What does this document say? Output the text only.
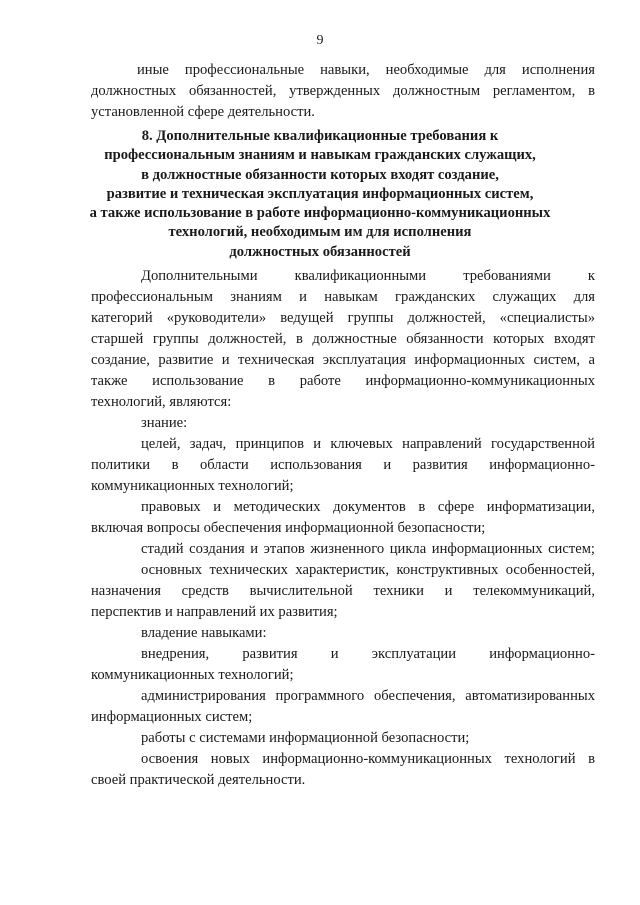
9
иные профессиональные навыки, необходимые для исполнения
должностных обязанностей, утвержденных должностным регламентом, в
установленной сфере деятельности.
8. Дополнительные квалификационные требования к
профессиональным знаниям и навыкам гражданских служащих,
в должностные обязанности которых входят создание,
развитие и техническая эксплуатация информационных систем,
а также использование в работе информационно-коммуникационных
технологий, необходимым им для исполнения
должностных обязанностей
Дополнительными квалификационными требованиями к
профессиональным знаниям и навыкам гражданских служащих для
категорий «руководители» ведущей группы должностей, «специалисты»
старшей группы должностей, в должностные обязанности которых входят
создание, развитие и техническая эксплуатация информационных систем, а
также использование в работе информационно-коммуникационных
технологий, являются:
знание:
целей, задач, принципов и ключевых направлений государственной
политики в области использования и развития информационно-
коммуникационных технологий;
правовых и методических документов в сфере информатизации,
включая вопросы обеспечения информационной безопасности;
стадий создания и этапов жизненного цикла информационных систем;
основных технических характеристик, конструктивных особенностей,
назначения средств вычислительной техники и телекоммуникаций,
перспектив и направлений их развития;
владение навыками:
внедрения, развития и эксплуатации информационно-
коммуникационных технологий;
администрирования программного обеспечения, автоматизированных
информационных систем;
работы с системами информационной безопасности;
освоения новых информационно-коммуникационных технологий в
своей практической деятельности.
